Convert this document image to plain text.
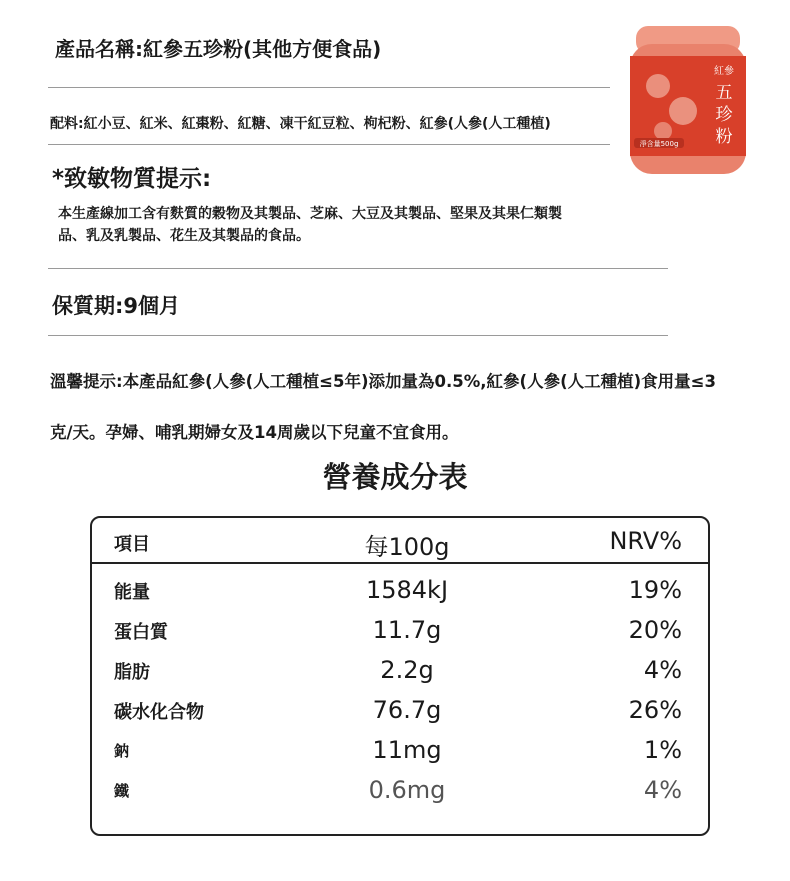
產品名稱:紅參五珍粉(其他方便食品)
配料:紅小豆、紅米、紅棗粉、紅糖、凍干紅豆粒、枸杞粉、紅參(人參(人工種植)
*致敏物質提示:
本生產線加工含有麩質的穀物及其製品、芝麻、大豆及其製品、堅果及其果仁類製品、乳及乳製品、花生及其製品的食品。
保質期:9個月
溫馨提示:本產品紅參(人參(人工種植≤5年)添加量為0.5%,紅參(人參(人工種植)食用量≤3克/天。孕婦、哺乳期婦女及14周歲以下兒童不宜食用。
營養成分表
項目	每100g	NRV%
能量	1584kJ	19%
蛋白質	11.7g	20%
脂肪	2.2g	4%
碳水化合物	76.7g	26%
鈉	11mg	1%
鐵	0.6mg	4%
紅參
五
珍
粉
淨含量500g
